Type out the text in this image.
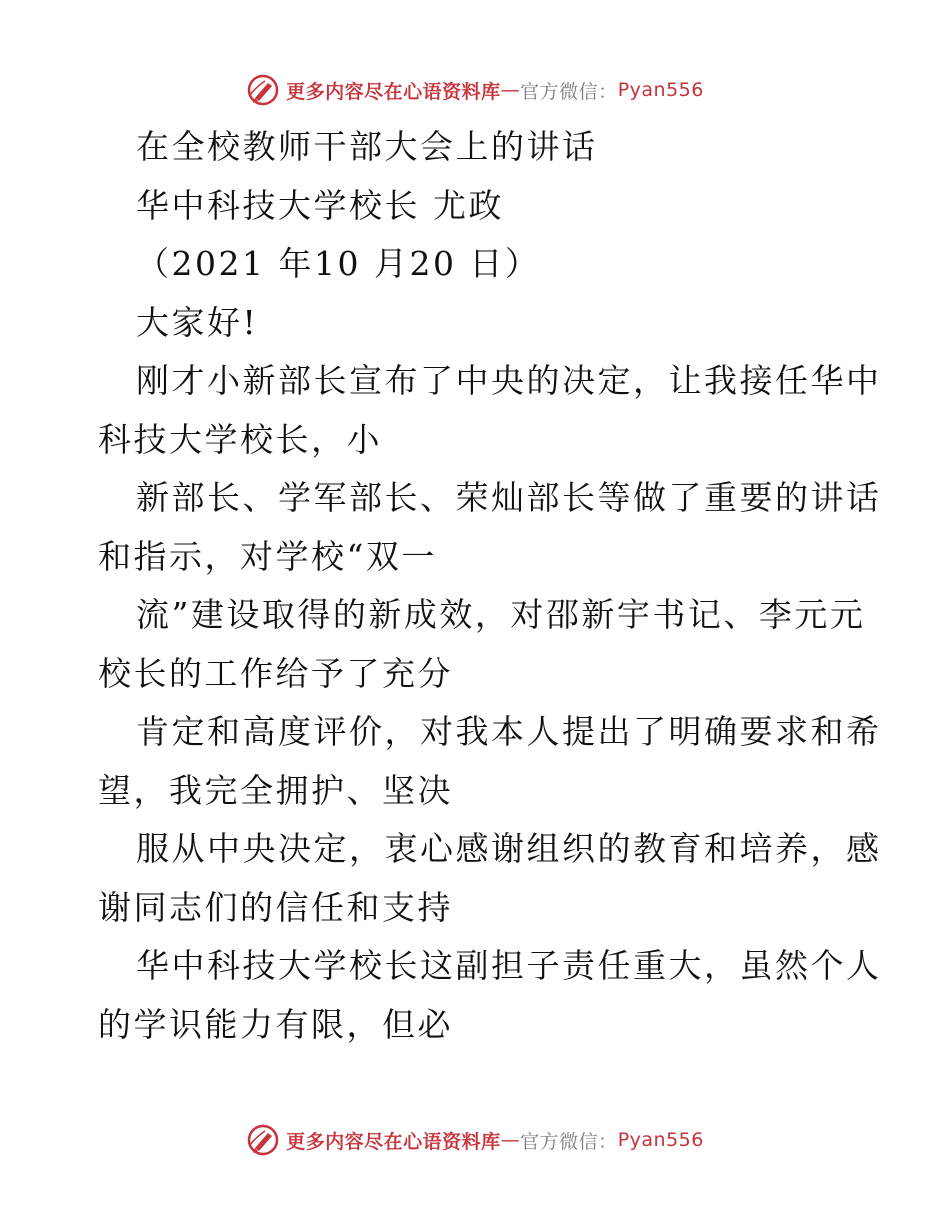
更多内容尽在心语资料库 — 官方微信： Pyan556
在全校教师干部大会上的讲话
华中科技大学校长 尤政
（2021 年10 月20 日）
大家好!
刚才小新部长宣布了中央的决定，让我接任华中
科技大学校长，小
新部长、学军部长、荣灿部长等做了重要的讲话
和指示，对学校“双一
流”建设取得的新成效，对邵新宇书记、李元元
校长的工作给予了充分
肯定和高度评价，对我本人提出了明确要求和希
望，我完全拥护、坚决
服从中央决定，衷心感谢组织的教育和培养，感
谢同志们的信任和支持
华中科技大学校长这副担子责任重大，虽然个人
的学识能力有限，但必
更多内容尽在心语资料库 — 官方微信： Pyan556
